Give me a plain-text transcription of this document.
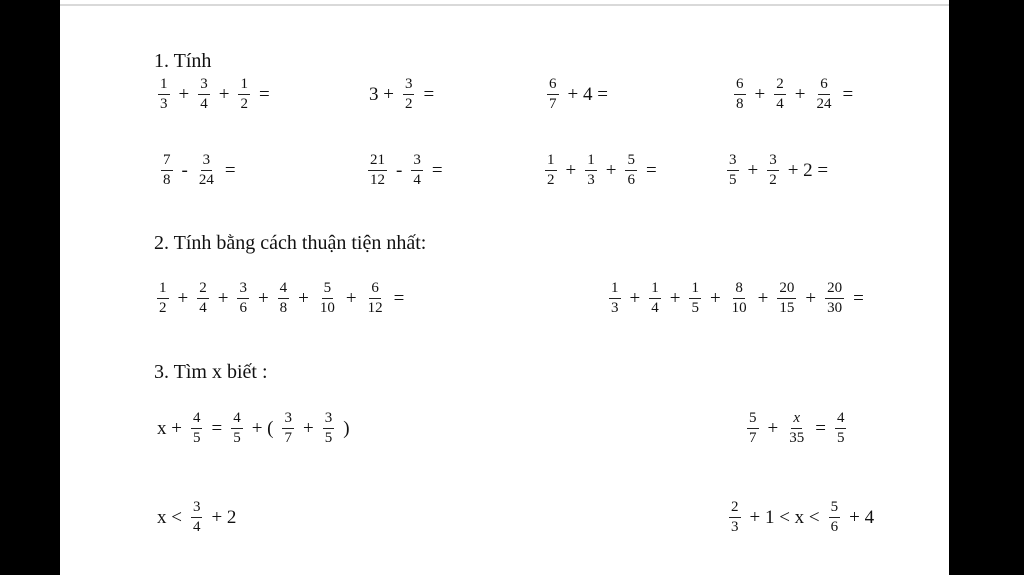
1. Tính
$\frac{1}{3} + \frac{3}{4} + \frac{1}{2}$ =	$3 + \frac{3}{2}$ =	$\frac{6}{7} + 4$ =	$\frac{6}{8} + \frac{2}{4} + \frac{6}{24}$ =
$\frac{7}{8} - \frac{3}{24}$ =	$\frac{21}{12} - \frac{3}{4}$ =	$\frac{1}{2} + \frac{1}{3} + \frac{5}{6}$ =	$\frac{3}{5} + \frac{3}{2} + 2$ =
2. Tính bằng cách thuận tiện nhất:
$\frac{1}{2} + \frac{2}{4} + \frac{3}{6} + \frac{4}{8} + \frac{5}{10} + \frac{6}{12}$ =	$\frac{1}{3} + \frac{1}{4} + \frac{1}{5} + \frac{8}{10} + \frac{20}{15} + \frac{20}{30}$ =
3. Tìm x biết :
$x + \frac{4}{5} = \frac{4}{5}$ + ( $\frac{3}{7} + \frac{3}{5}$ )	$\frac{5}{7} + \frac{x}{35} = \frac{4}{5}$
$x < \frac{3}{4} + 2$	$\frac{2}{3} + 1 < x < \frac{5}{6} + 4$
